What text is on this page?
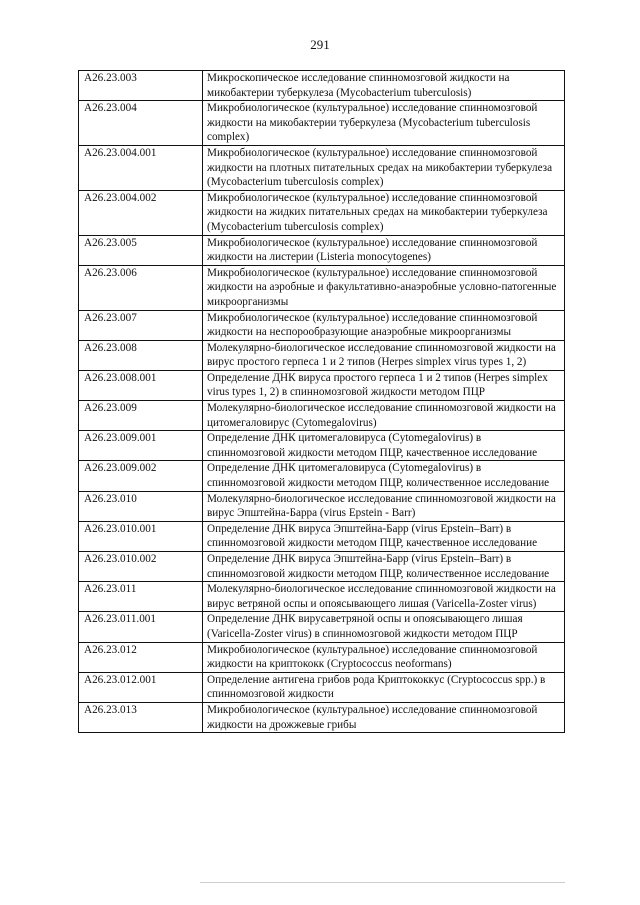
291
A26.23.003	Микроскопическое исследование спинномозговой жидкости на микобактерии туберкулеза (Mycobacterium tuberculosis)
A26.23.004	Микробиологическое (культуральное) исследование спинномозговой жидкости на микобактерии туберкулеза (Mycobacterium tuberculosis complex)
A26.23.004.001	Микробиологическое (культуральное) исследование спинномозговой жидкости на плотных питательных средах на микобактерии туберкулеза (Mycobacterium tuberculosis complex)
A26.23.004.002	Микробиологическое (культуральное) исследование спинномозговой жидкости на жидких питательных средах на микобактерии туберкулеза (Mycobacterium tuberculosis complex)
A26.23.005	Микробиологическое (культуральное) исследование спинномозговой жидкости на листерии (Listeria monocytogenes)
A26.23.006	Микробиологическое (культуральное) исследование спинномозговой жидкости на аэробные и факультативно-анаэробные условно-патогенные микроорганизмы
A26.23.007	Микробиологическое (культуральное) исследование спинномозговой жидкости на неспорообразующие анаэробные микроорганизмы
A26.23.008	Молекулярно-биологическое исследование спинномозговой жидкости на вирус простого герпеса 1 и 2 типов (Herpes simplex virus types 1, 2)
A26.23.008.001	Определение ДНК вируса простого герпеса 1 и 2 типов (Herpes simplex virus types 1, 2) в спинномозговой жидкости методом ПЦР
A26.23.009	Молекулярно-биологическое исследование спинномозговой жидкости на цитомегаловирус (Cytomegalovirus)
A26.23.009.001	Определение ДНК цитомегаловируса (Cytomegalovirus) в спинномозговой жидкости методом ПЦР, качественное исследование
A26.23.009.002	Определение ДНК цитомегаловируса (Cytomegalovirus) в спинномозговой жидкости методом ПЦР, количественное исследование
A26.23.010	Молекулярно-биологическое исследование спинномозговой жидкости на вирус Эпштейна-Барра (virus Epstein - Barr)
A26.23.010.001	Определение ДНК вируса Эпштейна-Барр (virus Epstein–Barr) в спинномозговой жидкости методом ПЦР, качественное исследование
A26.23.010.002	Определение ДНК вируса Эпштейна-Барр (virus Epstein–Barr) в спинномозговой жидкости методом ПЦР, количественное исследование
A26.23.011	Молекулярно-биологическое исследование спинномозговой жидкости на вирус ветряной оспы и опоясывающего лишая (Varicella-Zoster virus)
A26.23.011.001	Определение ДНК вирусаветряной оспы и опоясывающего лишая (Varicella-Zoster virus) в спинномозговой жидкости методом ПЦР
A26.23.012	Микробиологическое (культуральное) исследование спинномозговой жидкости на криптококк (Cryptococcus neoformans)
A26.23.012.001	Определение антигена грибов рода Криптококкус (Cryptococcus spp.) в спинномозговой жидкости
A26.23.013	Микробиологическое (культуральное) исследование спинномозговой жидкости на дрожжевые грибы
